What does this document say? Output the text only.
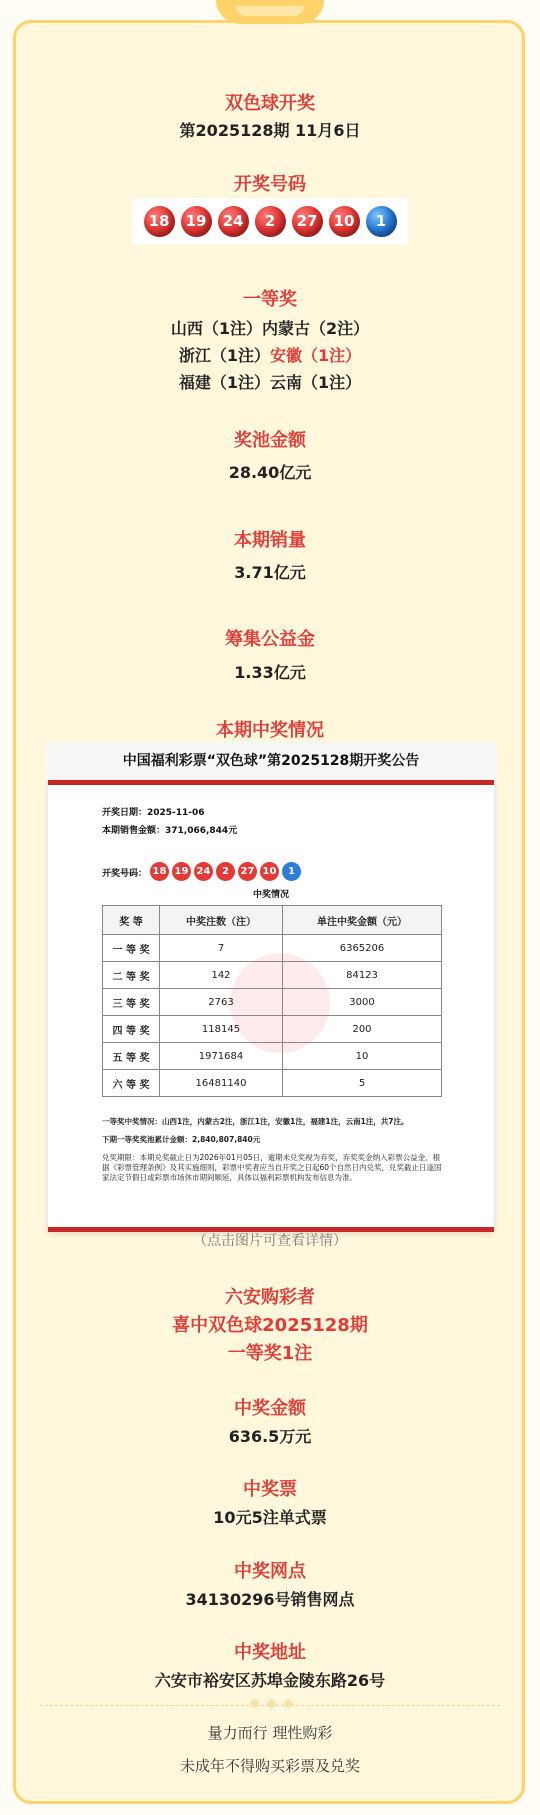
双色球开奖
第2025128期 11月6日
开奖号码
18	19	24	2	27	10	1
一等奖
山西（1注）内蒙古（2注）
浙江（1注）安徽（1注）
福建（1注）云南（1注）
奖池金额
28.40亿元
本期销量
3.71亿元
筹集公益金
1.33亿元
本期中奖情况
中国福利彩票“双色球”第2025128期开奖公告
开奖日期：2025-11-06
本期销售金额：371,066,844元
开奖号码： 18 19 24	2	27 10	1
中奖情况
奖 等	中奖注数（注）	单注中奖金额（元）
一 等 奖	7	6365206
二 等 奖	142	84123
三 等 奖	2763	3000
四 等 奖	118145	200
五 等 奖	1971684	10
六 等 奖	16481140	5
一等奖中奖情况：山西1注，内蒙古2注，浙江1注，安徽1注，福建1注，云南1注，共7注。
下期一等奖奖池累计金额：2,840,807,840元
兑奖期限：本期兑奖截止日为2026年01月05日，逾期未兑奖视为弃奖，弃奖奖金纳入彩票公益金。根据《彩票管理条例》及其实施细则，彩票中奖者应当自开奖之日起60个自然日内兑奖，兑奖截止日逢国家法定节假日或彩票市场休市期间顺延，具体以福利彩票机构发布信息为准。
（点击图片可查看详情）
六安购彩者
喜中双色球2025128期
一等奖1注
中奖金额
636.5万元
中奖票
10元5注单式票
中奖网点
34130296号销售网点
中奖地址
六安市裕安区苏埠金陵东路26号
量力而行 理性购彩
未成年不得购买彩票及兑奖
